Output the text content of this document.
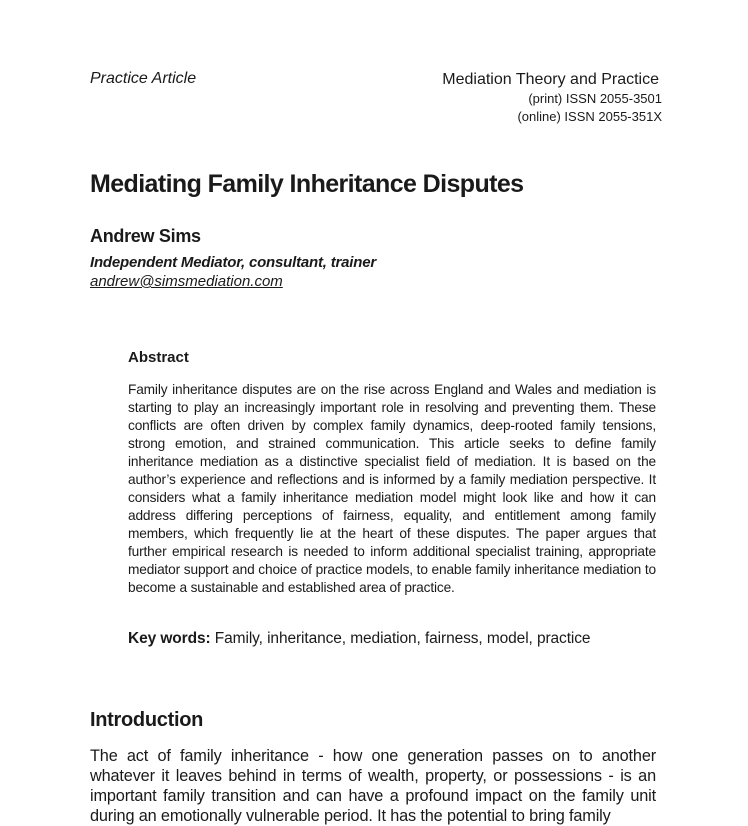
Practice Article	Mediation Theory and Practice
(print) ISSN 2055-3501
(online) ISSN 2055-351X
Mediating Family Inheritance Disputes
Andrew Sims
Independent Mediator, consultant, trainer
andrew@simsmediation.com
Abstract

Family inheritance disputes are on the rise across England and Wales and mediation is starting to play an increasingly important role in resolving and preventing them. These conflicts are often driven by complex family dynamics, deep-rooted family tensions, strong emotion, and strained communication. This article seeks to define family inheritance mediation as a distinctive specialist field of mediation. It is based on the author’s experience and reflections and is informed by a family mediation perspective. It considers what a family inheritance mediation model might look like and how it can address differing perceptions of fairness, equality, and entitlement among family members, which frequently lie at the heart of these disputes. The paper argues that further empirical research is needed to inform additional specialist training, appropriate mediator support and choice of practice models, to enable family inheritance mediation to become a sustainable and established area of practice.

Key words: Family, inheritance, mediation, fairness, model, practice
Introduction

The act of family inheritance - how one generation passes on to another whatever it leaves behind in terms of wealth, property, or possessions - is an important family transition and can have a profound impact on the family unit during an emotionally vulnerable period. It has the potential to bring family
